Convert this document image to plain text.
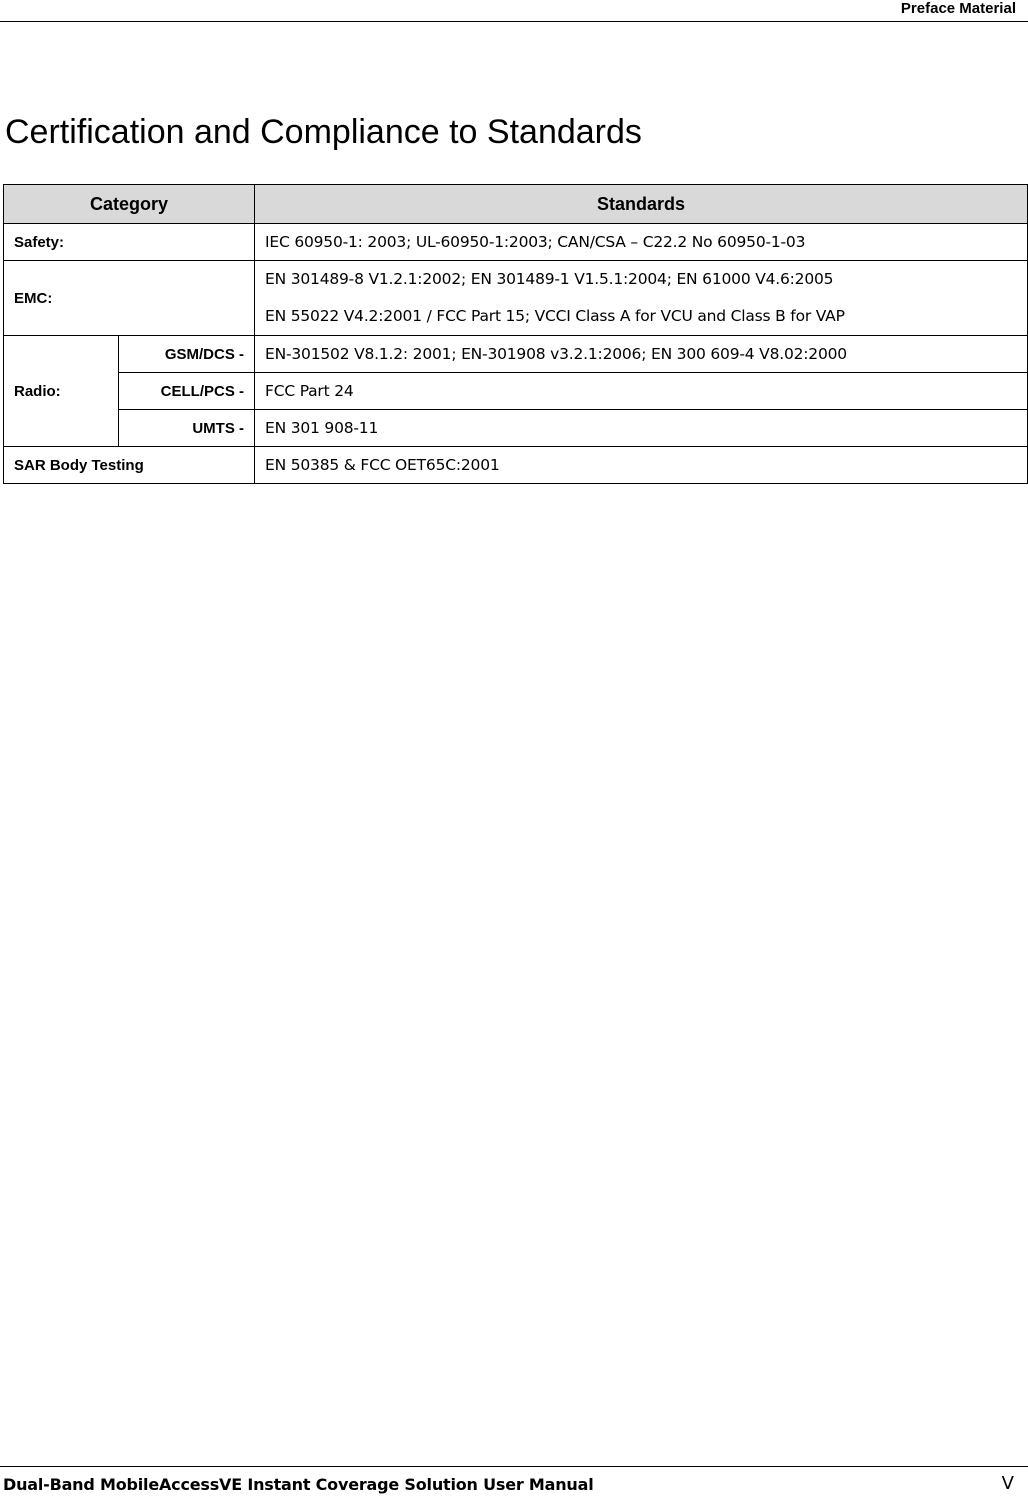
Preface Material
Certification and Compliance to Standards
Category		Standards
Safety:		IEC 60950-1: 2003; UL-60950-1:2003; CAN/CSA – C22.2 No 60950-1-03
EMC:		EN 301489-8 V1.2.1:2002; EN 301489-1 V1.5.1:2004; EN 61000 V4.6:2005
EN 55022 V4.2:2001 / FCC Part 15; VCCI Class A for VCU and Class B for VAP

Radio:	GSM/DCS -	EN-301502 V8.1.2: 2001; EN-301908 v3.2.1:2006; EN 300 609-4 V8.02:2000
	CELL/PCS -	FCC Part 24
	UMTS -	EN 301 908-11
SAR Body Testing		EN 50385 & FCC OET65C:2001
Dual-Band MobileAccessVE Instant Coverage Solution User Manual	V
